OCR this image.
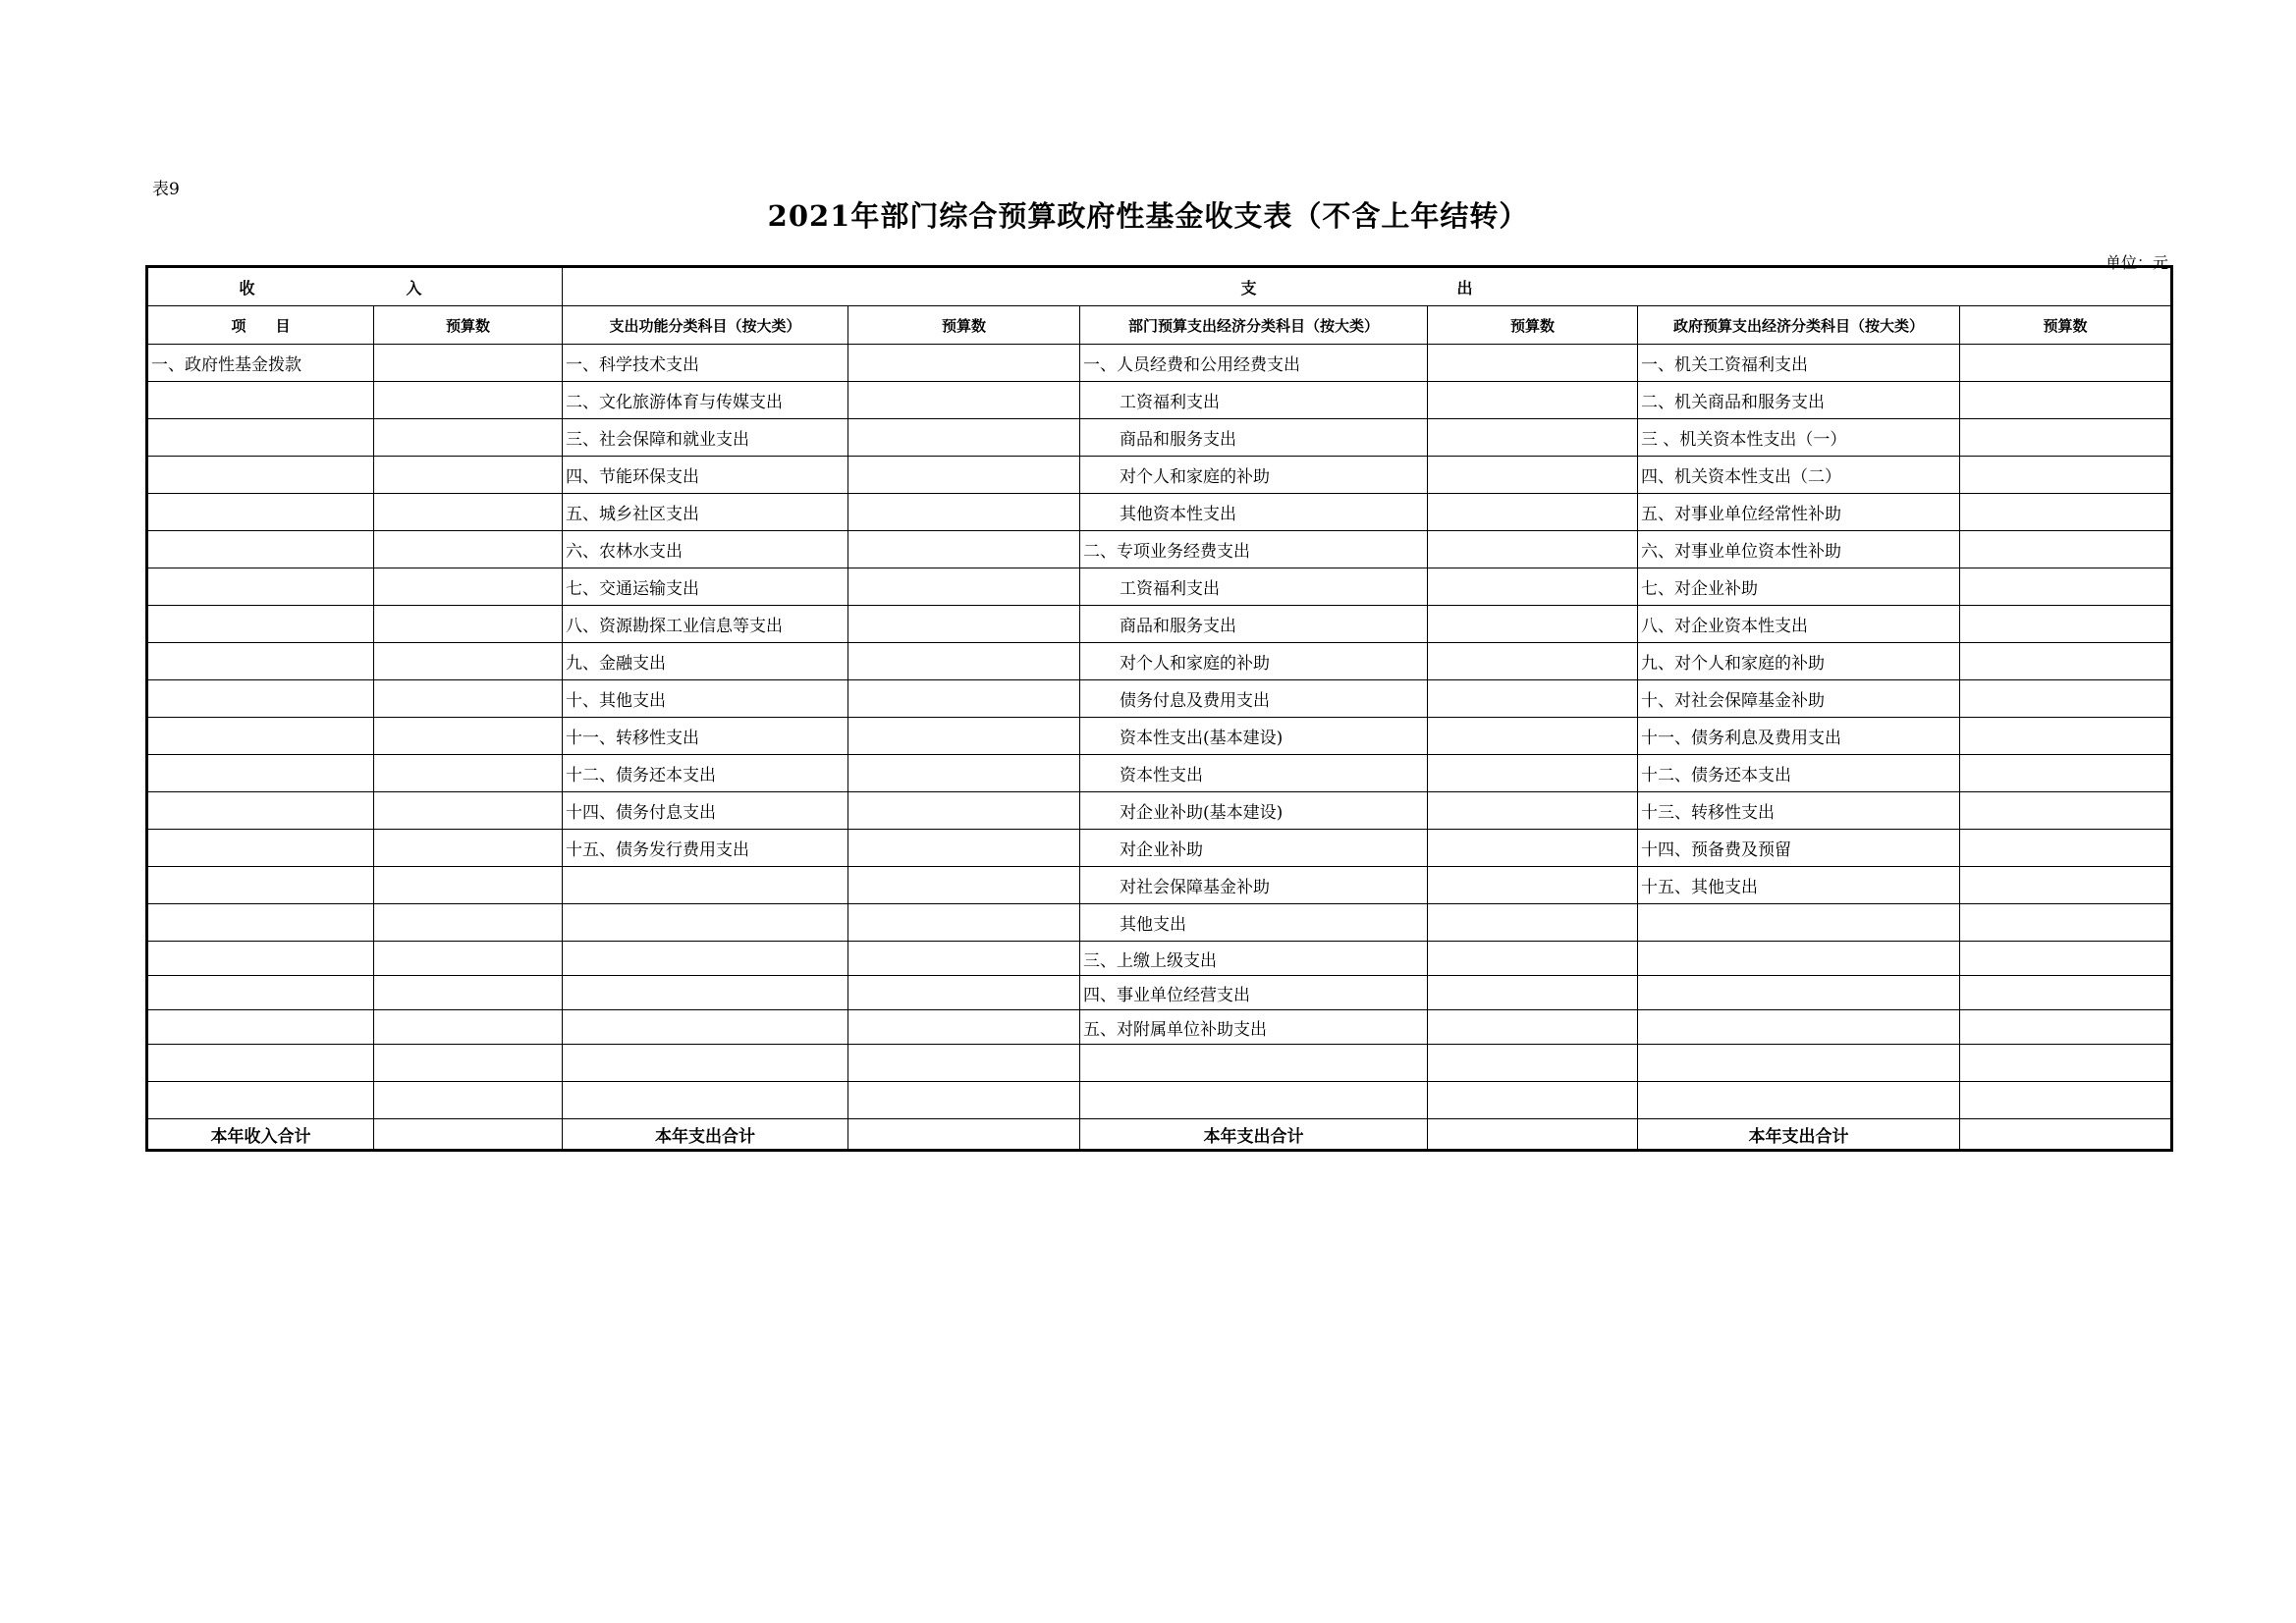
表9
2021年部门综合预算政府性基金收支表（不含上年结转）
单位：元
收 入		支 出					
项　　目	预算数	支出功能分类科目（按大类）	预算数	部门预算支出经济分类科目（按大类）	预算数	政府预算支出经济分类科目（按大类）	预算数
一、政府性基金拨款		一、科学技术支出		一、人员经费和公用经费支出		一、机关工资福利支出	
		二、文化旅游体育与传媒支出		工资福利支出		二、机关商品和服务支出	
		三、社会保障和就业支出		商品和服务支出		三 、机关资本性支出（一）	
		四、节能环保支出		对个人和家庭的补助		四、机关资本性支出（二）	
		五、城乡社区支出		其他资本性支出		五、对事业单位经常性补助	
		六、农林水支出		二、专项业务经费支出		六、对事业单位资本性补助	
		七、交通运输支出		工资福利支出		七、对企业补助	
		八、资源勘探工业信息等支出		商品和服务支出		八、对企业资本性支出	
		九、金融支出		对个人和家庭的补助		九、对个人和家庭的补助	
		十、其他支出		债务付息及费用支出		十、对社会保障基金补助	
		十一、转移性支出		资本性支出(基本建设)		十一、债务利息及费用支出	
		十二、债务还本支出		资本性支出		十二、债务还本支出	
		十四、债务付息支出		对企业补助(基本建设)		十三、转移性支出	
		十五、债务发行费用支出		对企业补助		十四、预备费及预留	
				对社会保障基金补助		十五、其他支出	
				其他支出			
				三、上缴上级支出			
				四、事业单位经营支出			
				五、对附属单位补助支出			

本年收入合计		本年支出合计		本年支出合计		本年支出合计	
